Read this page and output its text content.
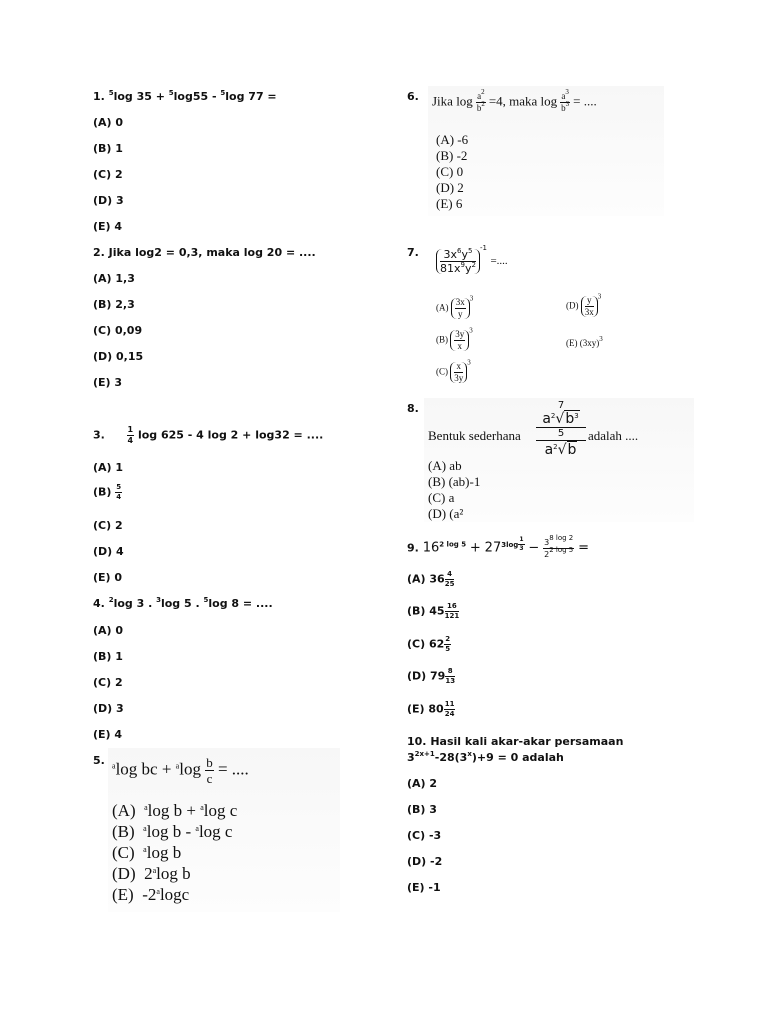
1. $^5$log 35 + $^5$log55 - $^5$log 77 =
(A) 0
(B) 1
(C) 2
(D) 3
(E) 4
2. Jika log2 = 0,3, maka log 20 = ....
(A) 1,3
(B) 2,3
(C) 0,09
(D) 0,15
(E) 3
3.	$\frac{1}{4}$ log 625 - 4 log 2 + log32 = ....
(A) 1
$(B) \frac{5}{4}$
(C) 2
(D) 4
(E) 0
4. $^2$log 3 . $^3$log 5 . $^5$log 8 = ....
(A) 0
(B) 1
(C) 2
(D) 3
(E) 4
5. $^a$log bc + $^a\log \frac{b}{c}$ = ....
(A) $^a$log b + $^a$log c
(B) $^a$log b - $^a$log c
(C) $^a$log b
(D) 2$^a$log b
(E) -2$^a$logc
6. Jika $\log \frac{a^2}{b^2} =4$, maka $\log \frac{a^3}{b^3}$ = ....
(A) -6
(B) -2
(C) 0
(D) 2
(E) 6
7. $\frac{3x^6y^5}{81x^9y^2}$
$^{-1}$ =....
$(A) \frac{3x}{y} ^3$
$(B) \frac{3y}{x} ^3$
$(C) \frac{x}{3y} ^3$
$(D) \frac{y}{3x} ^3$
(E) $(3xy)^3$
8.
Bentuk sederhana
7
$a^2√b^3$
5
$a^2√b$
adalah ....
(A) ab
(B) (ab)-1
(C) a
(D) (a²
9. $16^{2 log 5} + 27^{3log \frac{1}{3}} - \frac{3^{8 log 2}}{2^{2 log 5}}$ =
(A) $36 \frac{4}{25}$
(B) $45 \frac{16}{121}$
(C) $62 \frac{2}{5}$
(D) $79 \frac{8}{13}$
(E) $80 \frac{11}{24}$
10. Hasil kali akar-akar persamaan
$3^{2x+1}-28(3^x)+9 = 0$ adalah
(A) 2
(B) 3
(C) -3
(D) -2
(E) -1
